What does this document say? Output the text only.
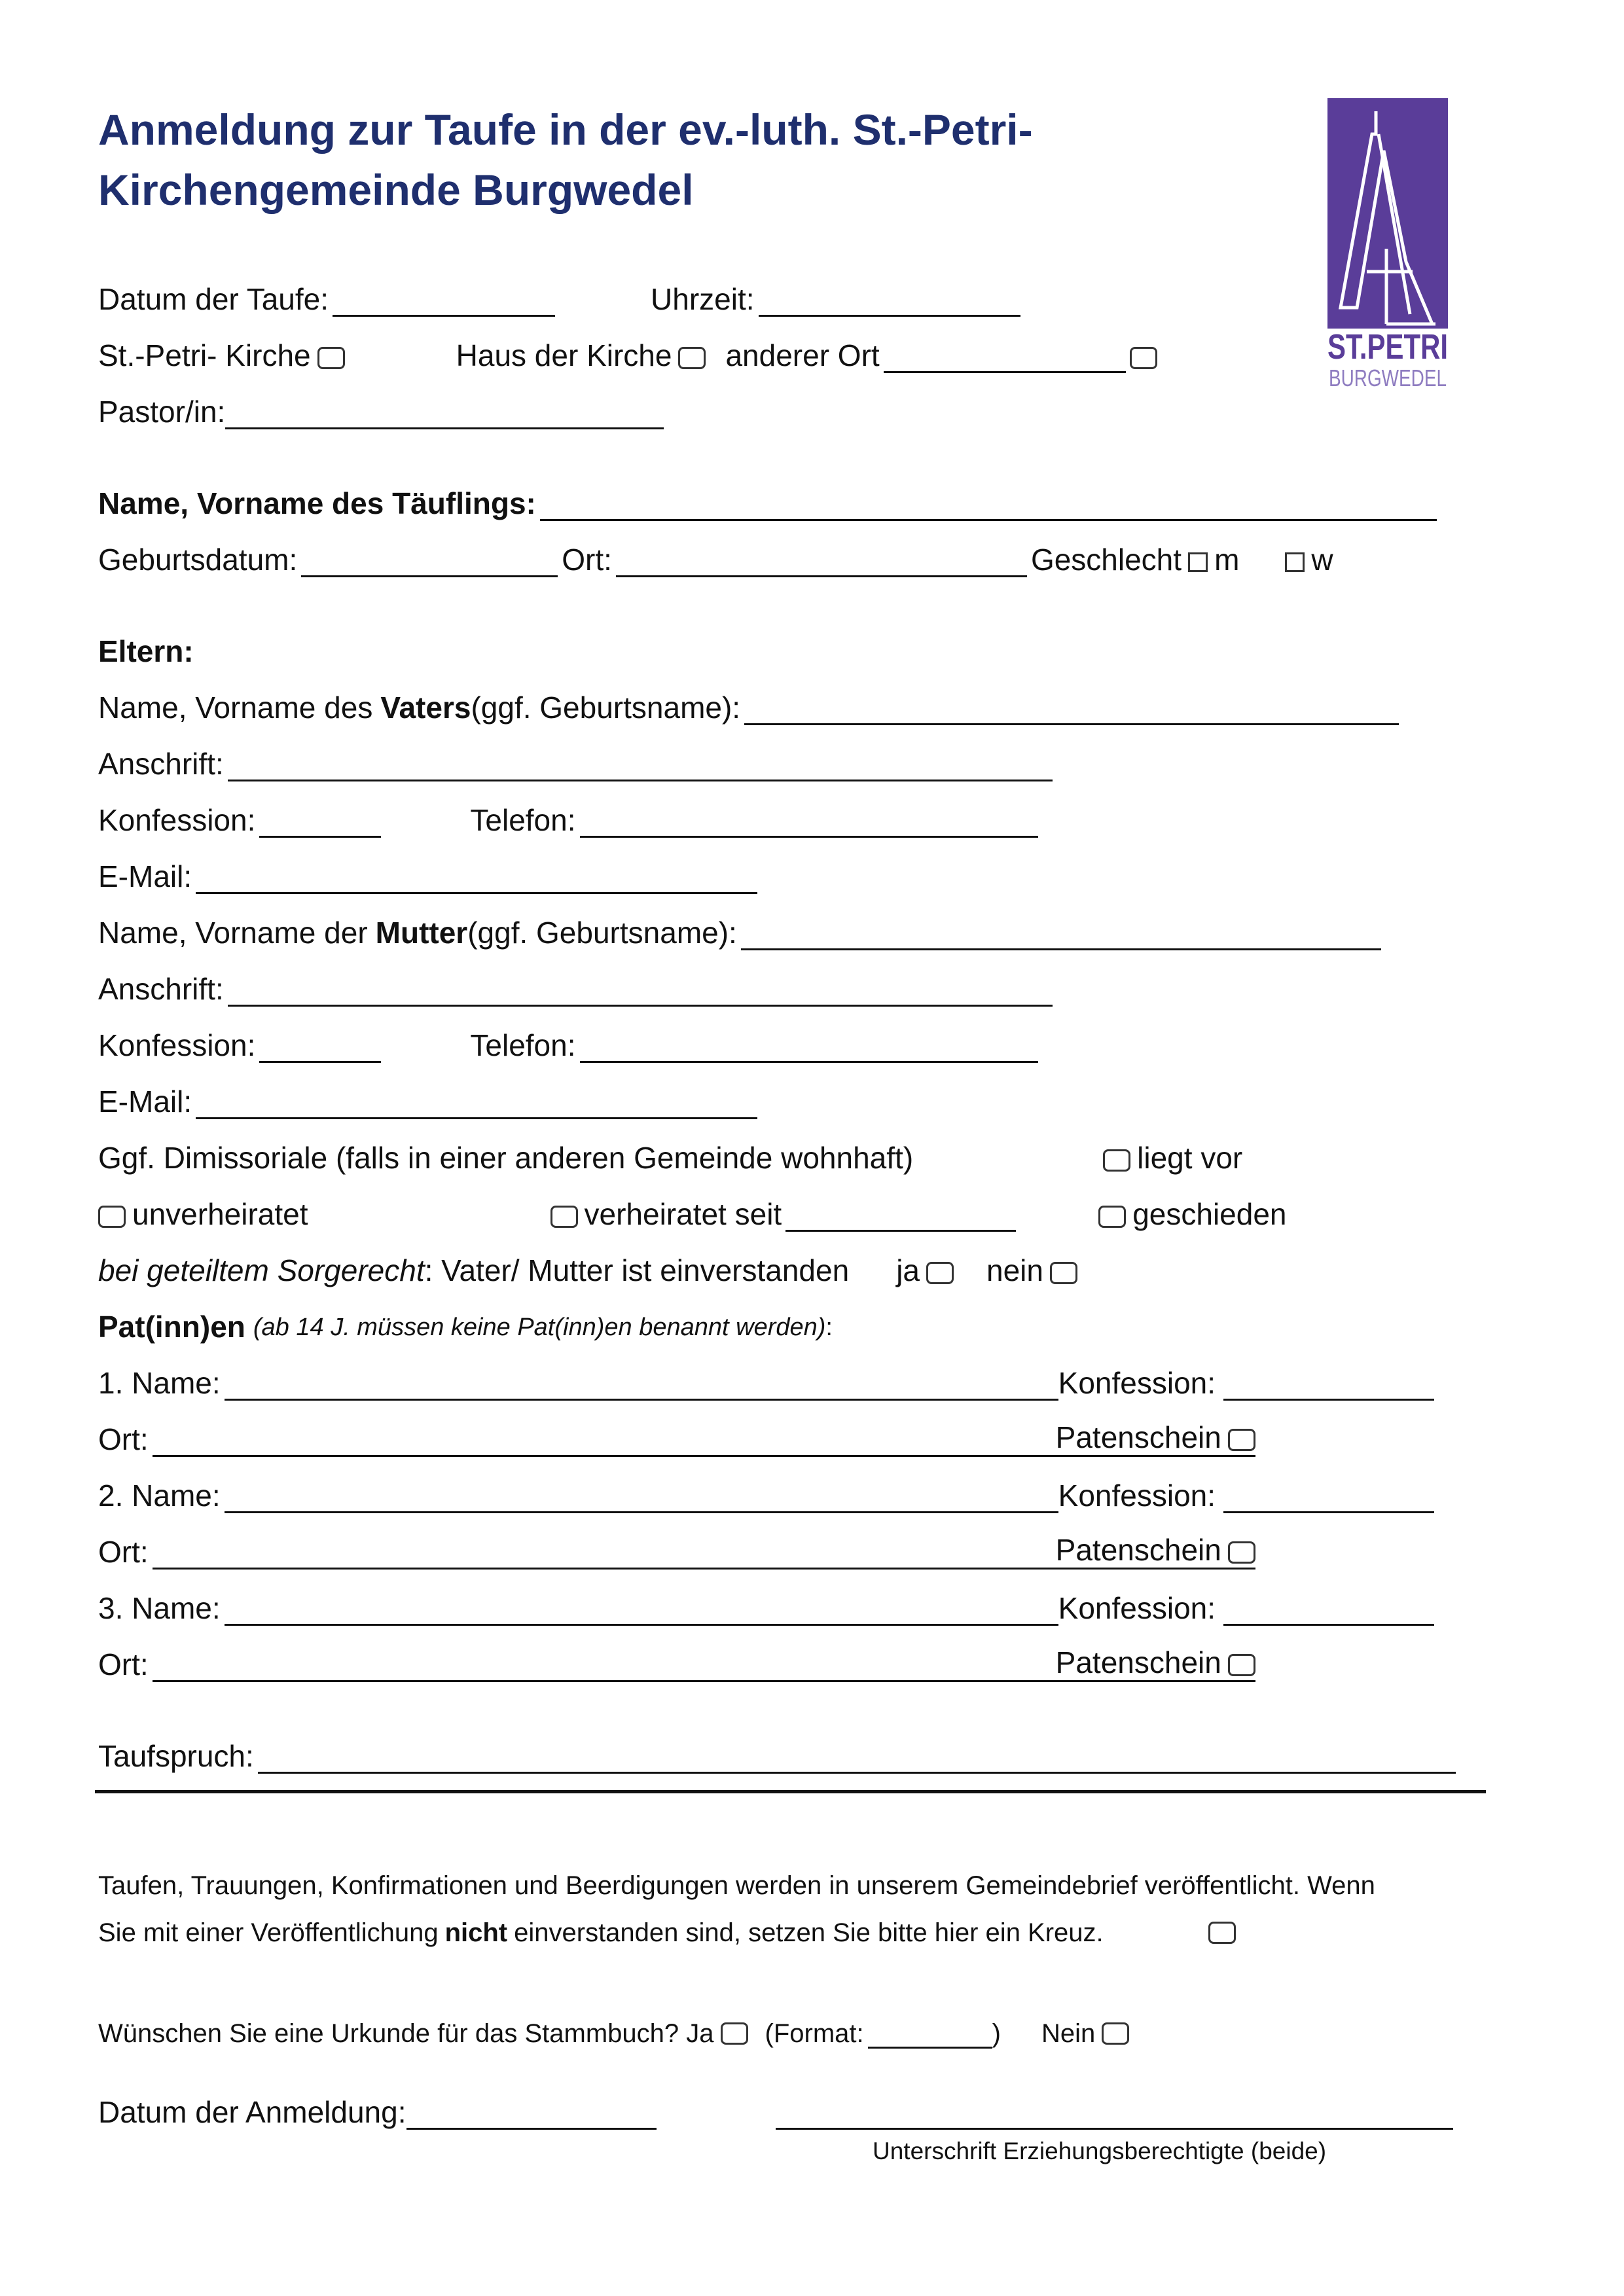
Anmeldung zur Taufe in der ev.-luth. St.-Petri-
Kirchengemeinde Burgwedel
ST.PETRI
BURGWEDEL
Datum der Taufe:	Uhrzeit:
St.-Petri- Kirche	Haus der Kirche anderer Ort
Pastor/in:
Name, Vorname des Täuflings:
Geburtsdatum:	Ort:	Geschlecht m w
Eltern:
Name, Vorname des Vaters (ggf. Geburtsname):
Anschrift:
Konfession:	Telefon:
E-Mail:
Name, Vorname der Mutter (ggf. Geburtsname):
Anschrift:
Konfession:	Telefon:
E-Mail:
Ggf. Dimissoriale (falls in einer anderen Gemeinde wohnhaft)	liegt vor
unverheiratet	verheiratet seit	geschieden
bei geteiltem Sorgerecht : Vater/ Mutter ist einverstanden ja nein
Pat(inn)en (ab 14 J. müssen keine Pat(inn)en benannt werden) :
1. Name:	Konfession:
Ort:	Patenschein
2. Name:	Konfession:
Ort:	Patenschein
3. Name:	Konfession:
Ort:	Patenschein
Taufspruch:
Taufen, Trauungen, Konfirmationen und Beerdigungen werden in unserem Gemeindebrief veröffentlicht. Wenn
Sie mit einer Veröffentlichung nicht einverstanden sind, setzen Sie bitte hier ein Kreuz.
Wünschen Sie eine Urkunde für das Stammbuch? Ja (Format:	) Nein
Datum der Anmeldung:
Unterschrift Erziehungsberechtigte (beide)
